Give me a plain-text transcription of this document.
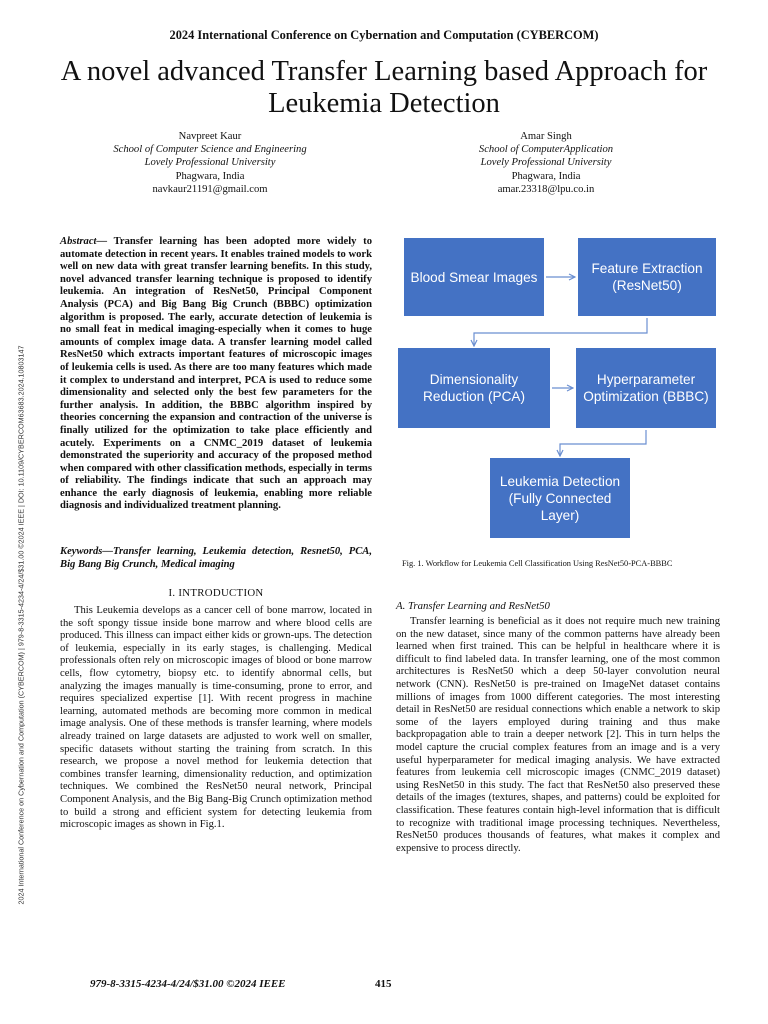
2024 International Conference on Cybernation and Computation (CYBERCOM)
A novel advanced Transfer Learning based Approach for Leukemia Detection
Navpreet Kaur
School of Computer Science and Engineering
Lovely Professional University
Phagwara, India
navkaur21191@gmail.com
Amar Singh
School of ComputerApplication
Lovely Professional University
Phagwara, India
amar.23318@lpu.co.in
2024 International Conference on Cybernation and Computation (CYBERCOM) | 979-8-3315-4234-4/24/$31.00 ©2024 IEEE | DOI: 10.1109/CYBERCOM63683.2024.10803147
Abstract— Transfer learning has been adopted more widely to automate detection in recent years. It enables trained models to work well on new data with great transfer learning benefits. In this study, novel advanced transfer learning technique is proposed to identify leukemia. An integration of ResNet50, Principal Component Analysis (PCA) and Big Bang Big Crunch (BBBC) optimization algorithm is proposed. The early, accurate detection of leukemia is no small feat in medical imaging-especially when it comes to huge amounts of complex image data. A transfer learning model called ResNet50 which extracts important features of microscopic images of leukemia cells is used. As there are too many features which made it complex to understand and interpret, PCA is used to reduce some dimensionality and selected only the best few parameters for the further analysis. In addition, the BBBC algorithm inspired by theories concerning the expansion and contraction of the universe is finally utilized for the optimization to take place efficiently and acutely. Experiments on a CNMC_2019 dataset of leukemia demonstrated the superiority and accuracy of the proposed method when compared with other classification methods, especially in terms of reliability. The findings indicate that such an approach may enhance the early diagnosis of leukemia, enabling more reliable diagnosis and individualized treatment planning.
Keywords—Transfer learning, Leukemia detection, Resnet50, PCA, Big Bang Big Crunch, Medical imaging
I. INTRODUCTION

This Leukemia develops as a cancer cell of bone marrow, located in the soft spongy tissue inside bone marrow and where blood cells are produced. This illness can impact either kids or grown-ups. The detection of leukemia, especially in its early stages, is challenging. Medical professionals often rely on microscopic images of blood or bone marrow cells, flow cytometry, biopsy etc. to identify abnormal cells, but analyzing the images manually is time-consuming, prone to error, and requires specialized expertise [1]. With recent progress in machine learning, automated methods are becoming more common in medical image analysis. One of these methods is transfer learning, where models already trained on large datasets are adjusted to work well on smaller, specific datasets without starting the training from scratch. In this research, we propose a novel method for leukemia detection that combines transfer learning, dimensionality reduction, and optimization techniques. We combined the ResNet50 neural network, Principal Component Analysis, and the Big Bang-Big Crunch optimization method to build a strong and efficient system for detecting leukemia from microscopic images as shown in Fig.1.

Blood Smear Images
Feature Extraction (ResNet50)
Dimensionality Reduction (PCA)
Hyperparameter Optimization (BBBC)
Leukemia Detection (Fully Connected Layer)
Fig. 1. Workflow for Leukemia Cell Classification Using ResNet50-PCA-BBBC
A. Transfer Learning and ResNet50

Transfer learning is beneficial as it does not require much new training on the new dataset, since many of the common patterns have already been learned when first trained. This can be helpful in healthcare where it is difficult to find labeled data. In transfer learning, one of the most common architectures is ResNet50 which a deep 50-layer convolution neural network (CNN). ResNet50 is pre-trained on ImageNet dataset contains millions of images from 1000 different categories. The most interesting detail in ResNet50 are residual connections which enable a network to skip some of the layers employed during training and thus make backpropagation able to train a deeper network [2]. This in turn helps the model capture the crucial complex features from an image and is a very useful hyperparameter for medical imaging analysis. We have extracted features from leukemia cell microscopic images (CNMC_2019 dataset) using ResNet50 in this study. The fact that ResNet50 also preserved these details of the images (textures, shapes, and patterns) could be exploited for classification. These features contain high-level information that is difficult to recognize with traditional image processing techniques. Nevertheless, ResNet50 produces thousands of features, what makes it complex and expensive to process directly.

979-8-3315-4234-4/24/$31.00 ©2024 IEEE	415
